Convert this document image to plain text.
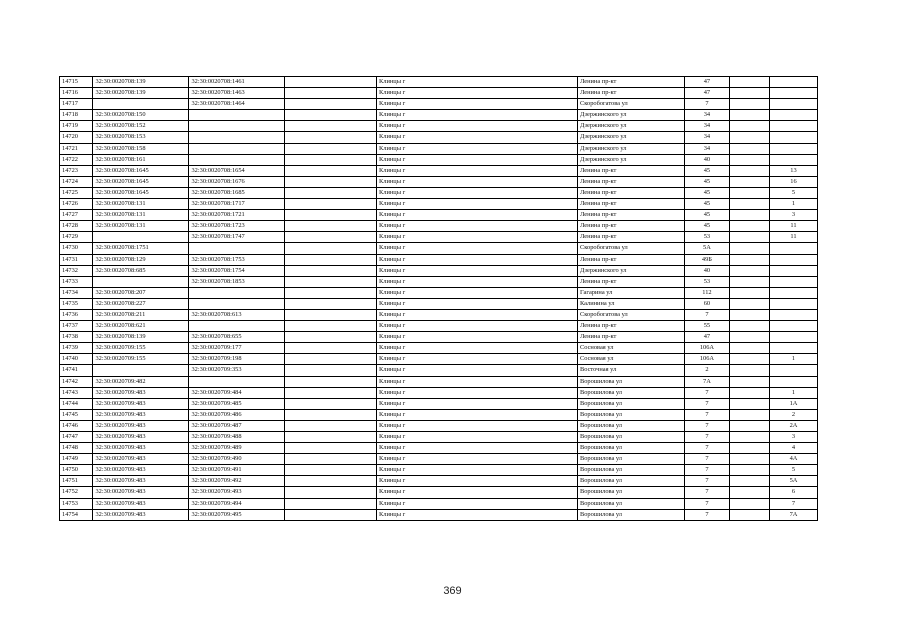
14715	32:30:0020708:139	32:30:0020708:1461		Клинцы г	Ленина пр-кт	47		
14716	32:30:0020708:139	32:30:0020708:1463		Клинцы г	Ленина пр-кт	47		
14717		32:30:0020708:1464		Клинцы г	Скоробогатова ул	7		
14718	32:30:0020708:150			Клинцы г	Дзержинского ул	34		
14719	32:30:0020708:152			Клинцы г	Дзержинского ул	34		
14720	32:30:0020708:153			Клинцы г	Дзержинского ул	34		
14721	32:30:0020708:158			Клинцы г	Дзержинского ул	34		
14722	32:30:0020708:161			Клинцы г	Дзержинского ул	40		
14723	32:30:0020708:1645	32:30:0020708:1654		Клинцы г	Ленина пр-кт	45		13
14724	32:30:0020708:1645	32:30:0020708:1676		Клинцы г	Ленина пр-кт	45		16
14725	32:30:0020708:1645	32:30:0020708:1685		Клинцы г	Ленина пр-кт	45		5
14726	32:30:0020708:131	32:30:0020708:1717		Клинцы г	Ленина пр-кт	45		1
14727	32:30:0020708:131	32:30:0020708:1721		Клинцы г	Ленина пр-кт	45		3
14728	32:30:0020708:131	32:30:0020708:1723		Клинцы г	Ленина пр-кт	45		11
14729		32:30:0020708:1747		Клинцы г	Ленина пр-кт	53		11
14730	32:30:0020708:1751			Клинцы г	Скоробогатова ул	5А		
14731	32:30:0020708:129	32:30:0020708:1753		Клинцы г	Ленина пр-кт	49Б		
14732	32:30:0020708:685	32:30:0020708:1754		Клинцы г	Дзержинского ул	40		
14733		32:30:0020708:1853		Клинцы г	Ленина пр-кт	53		
14734	32:30:0020708:207			Клинцы г	Гагарина ул	112		
14735	32:30:0020708:227			Клинцы г	Калинина ул	60		
14736	32:30:0020708:211	32:30:0020708:613		Клинцы г	Скоробогатова ул	7		
14737	32:30:0020708:621			Клинцы г	Ленина пр-кт	55		
14738	32:30:0020708:139	32:30:0020708:655		Клинцы г	Ленина пр-кт	47		
14739	32:30:0020709:155	32:30:0020709:177		Клинцы г	Сосновая ул	106А		
14740	32:30:0020709:155	32:30:0020709:198		Клинцы г	Сосновая ул	106А		1
14741		32:30:0020709:353		Клинцы г	Восточная ул	2		
14742	32:30:0020709:482			Клинцы г	Ворошилова ул	7А		
14743	32:30:0020709:483	32:30:0020709:484		Клинцы г	Ворошилова ул	7		1
14744	32:30:0020709:483	32:30:0020709:485		Клинцы г	Ворошилова ул	7		1А
14745	32:30:0020709:483	32:30:0020709:486		Клинцы г	Ворошилова ул	7		2
14746	32:30:0020709:483	32:30:0020709:487		Клинцы г	Ворошилова ул	7		2А
14747	32:30:0020709:483	32:30:0020709:488		Клинцы г	Ворошилова ул	7		3
14748	32:30:0020709:483	32:30:0020709:489		Клинцы г	Ворошилова ул	7		4
14749	32:30:0020709:483	32:30:0020709:490		Клинцы г	Ворошилова ул	7		4А
14750	32:30:0020709:483	32:30:0020709:491		Клинцы г	Ворошилова ул	7		5
14751	32:30:0020709:483	32:30:0020709:492		Клинцы г	Ворошилова ул	7		5А
14752	32:30:0020709:483	32:30:0020709:493		Клинцы г	Ворошилова ул	7		6
14753	32:30:0020709:483	32:30:0020709:494		Клинцы г	Ворошилова ул	7		7
14754	32:30:0020709:483	32:30:0020709:495		Клинцы г	Ворошилова ул	7		7А
369
